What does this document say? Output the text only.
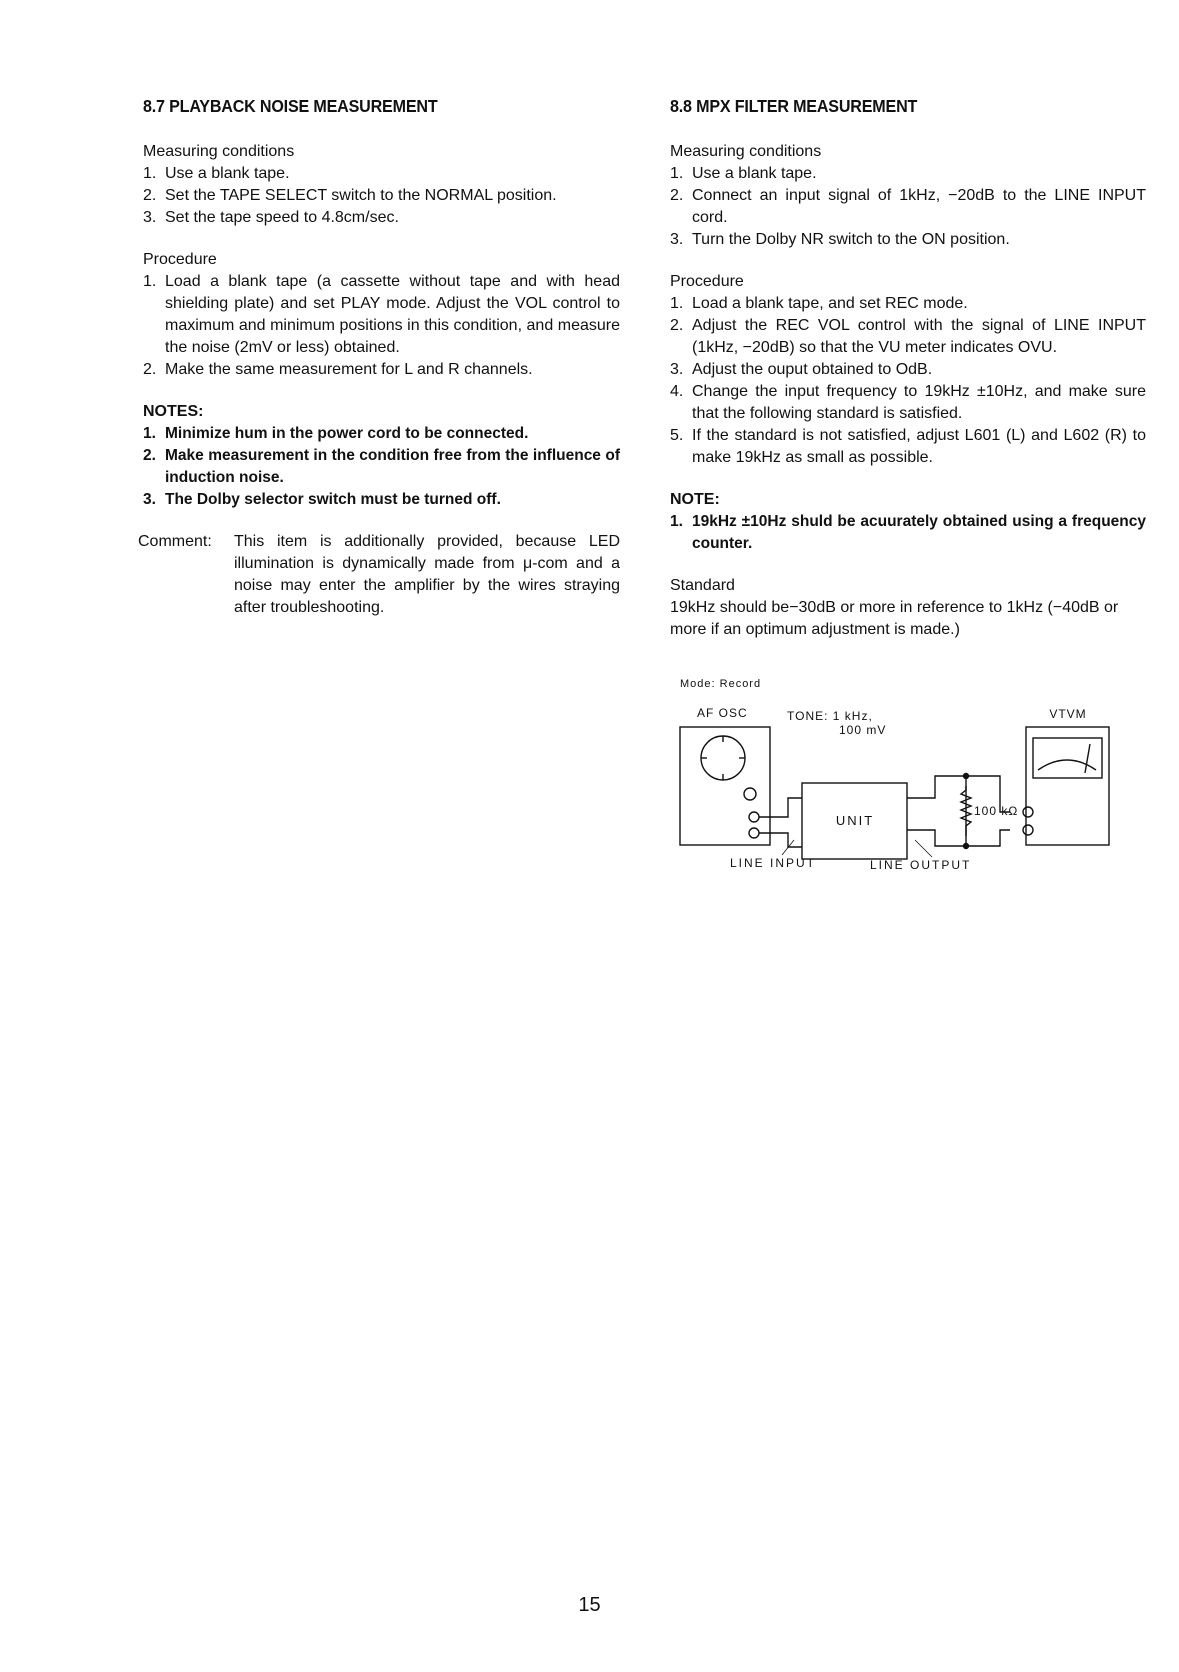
8.7 PLAYBACK NOISE MEASUREMENT

Measuring conditions

1. Use a blank tape.
2. Set the TAPE SELECT switch to the NORMAL position.
3. Set the tape speed to 4.8cm/sec.

Procedure

1. Load a blank tape (a cassette without tape and with head shielding plate) and set PLAY mode. Adjust the VOL control to maximum and minimum positions in this condition, and measure the noise (2mV or less) obtained.
2. Make the same measurement for L and R channels.

NOTES:

1. Minimize hum in the power cord to be connected.
2. Make measurement in the condition free from the influence of induction noise.
3. The Dolby selector switch must be turned off.
Comment:	This item is additionally provided, because LED illumination is dynamically made from μ-com and a noise may enter the amplifier by the wires straying after troubleshooting.
8.8 MPX FILTER MEASUREMENT

Measuring conditions

1. Use a blank tape.
2. Connect an input signal of 1kHz, −20dB to the LINE INPUT cord.
3. Turn the Dolby NR switch to the ON position.

Procedure

1. Load a blank tape, and set REC mode.
2. Adjust the REC VOL control with the signal of LINE INPUT (1kHz, −20dB) so that the VU meter indicates OVU.
3. Adjust the ouput obtained to OdB.
4. Change the input frequency to 19kHz ±10Hz, and make sure that the following standard is satisfied.
5. If the standard is not satisfied, adjust L601 (L) and L602 (R) to make 19kHz as small as possible.

NOTE:

1. 19kHz ±10Hz shuld be acuurately obtained using a frequency counter.

Standard

19kHz should be−30dB or more in reference to 1kHz (−40dB or more if an optimum adjustment is made.)

Mode: Record
AF OSC	TONE: 1 kHz,
100 mV
UNIT
100 kΩ
VTVM
LINE INPUT	LINE OUTPUT
15
